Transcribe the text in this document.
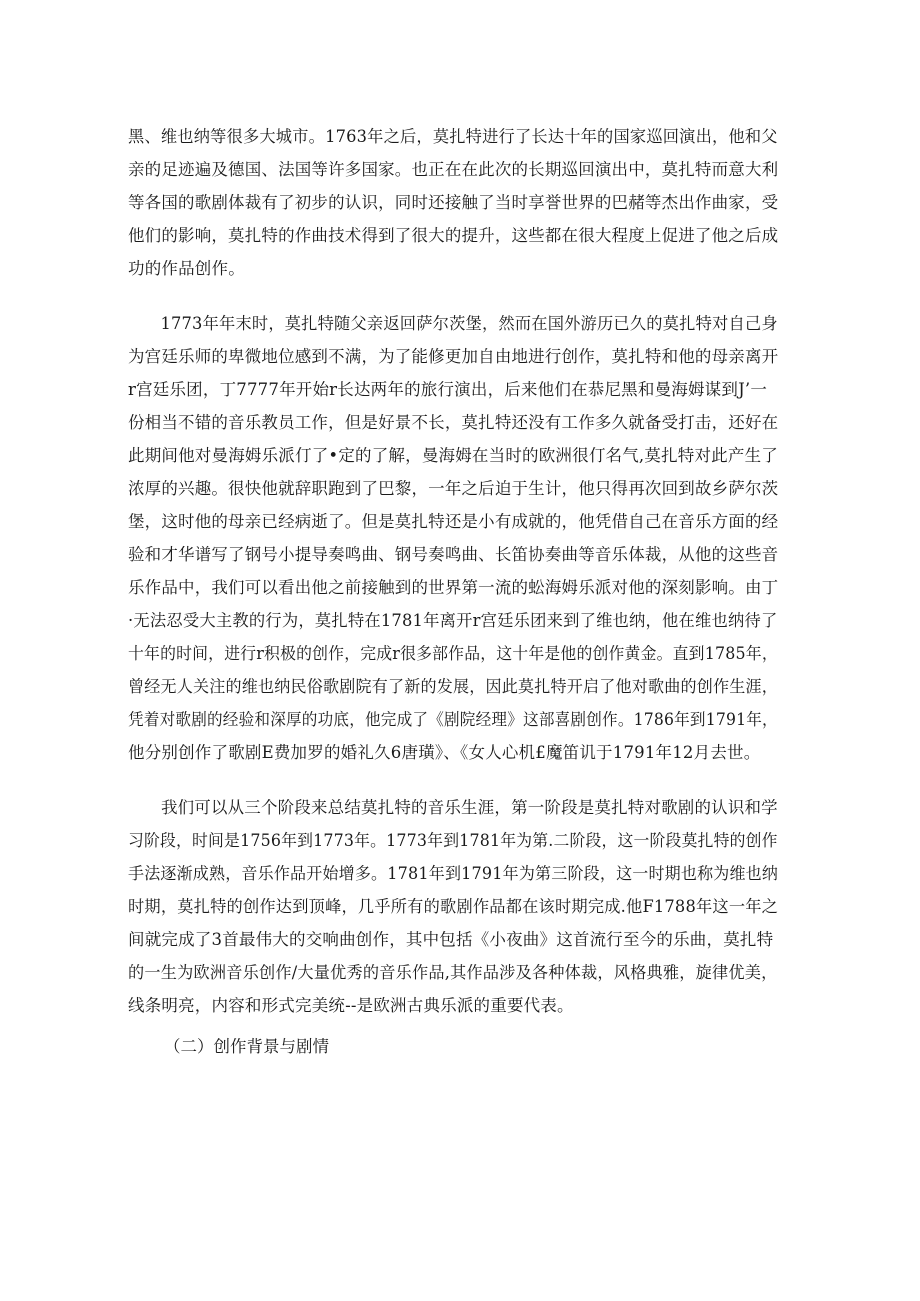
黑、维也纳等很多大城市。1763年之后，莫扎特进行了长达十年的国家巡回演出，他和父
亲的足迹遍及德国、法国等许多国家。也正在在此次的长期巡回演出中，莫扎特而意大利
等各国的歌剧体裁有了初步的认识，同时还接触了当时享誉世界的巴赭等杰出作曲家，受
他们的影响，莫扎特的作曲技术得到了很大的提升，这些都在很大程度上促进了他之后成
功的作品创作。

1773年年末时，莫扎特随父亲返回萨尔茨堡，然而在国外游历已久的莫扎特对自己身
为宫廷乐师的卑微地位感到不满，为了能修更加自由地进行创作，莫扎特和他的母亲离开
r宫廷乐团，丁7777年开始r长达两年的旅行演出，后来他们在恭尼黑和曼海姆谋到J’一
份相当不错的音乐教员工作，但是好景不长，莫扎特还没有工作多久就备受打击，还好在
此期间他对曼海姆乐派仃了•定的了解，曼海姆在当时的欧洲很仃名气,莫扎特对此产生了
浓厚的兴趣。很快他就辞职跑到了巴黎，一年之后迫于生计，他只得再次回到故乡萨尔茨
堡，这时他的母亲已经病逝了。但是莫扎特还是小有成就的，他凭借自己在音乐方面的经
验和才华谱写了钢号小提导奏鸣曲、钢号奏鸣曲、长笛协奏曲等音乐体裁，从他的这些音
乐作品中，我们可以看出他之前接触到的世界第一流的蚣海姆乐派对他的深刻影响。由丁
·无法忍受大主教的行为，莫扎特在1781年离开r宫廷乐团来到了维也纳，他在维也纳待了
十年的时间，进行r积极的创作，完成r很多部作品，这十年是他的创作黄金。直到1785年，
曾经无人关注的维也纳民俗歌剧院有了新的发展，因此莫扎特开启了他对歌曲的创作生涯，
凭着对歌剧的经验和深厚的功底，他完成了《剧院经理》这部喜剧创作。1786年到1791年，
他分别创作了歌剧E费加罗的婚礼久6唐璜》、《女人心机£魔笛讥于1791年12月去世。

我们可以从三个阶段来总结莫扎特的音乐生涯，第一阶段是莫扎特对歌剧的认识和学
习阶段，时间是1756年到1773年。1773年到1781年为第.二阶段，这一阶段莫扎特的创作
手法逐渐成熟，音乐作品开始增多。1781年到1791年为第三阶段，这一时期也称为维也纳
时期，莫扎特的创作达到顶峰，几乎所有的歌剧作品都在该时期完成.他F1788年这一年之
间就完成了3首最伟大的交响曲创作，其中包括《小夜曲》这首流行至今的乐曲，莫扎特
的一生为欧洲音乐创作/大量优秀的音乐作品,其作品涉及各种体裁，风格典雅，旋律优美，
线条明亮，内容和形式完美统--是欧洲古典乐派的重要代表。

（二）创作背景与剧情
